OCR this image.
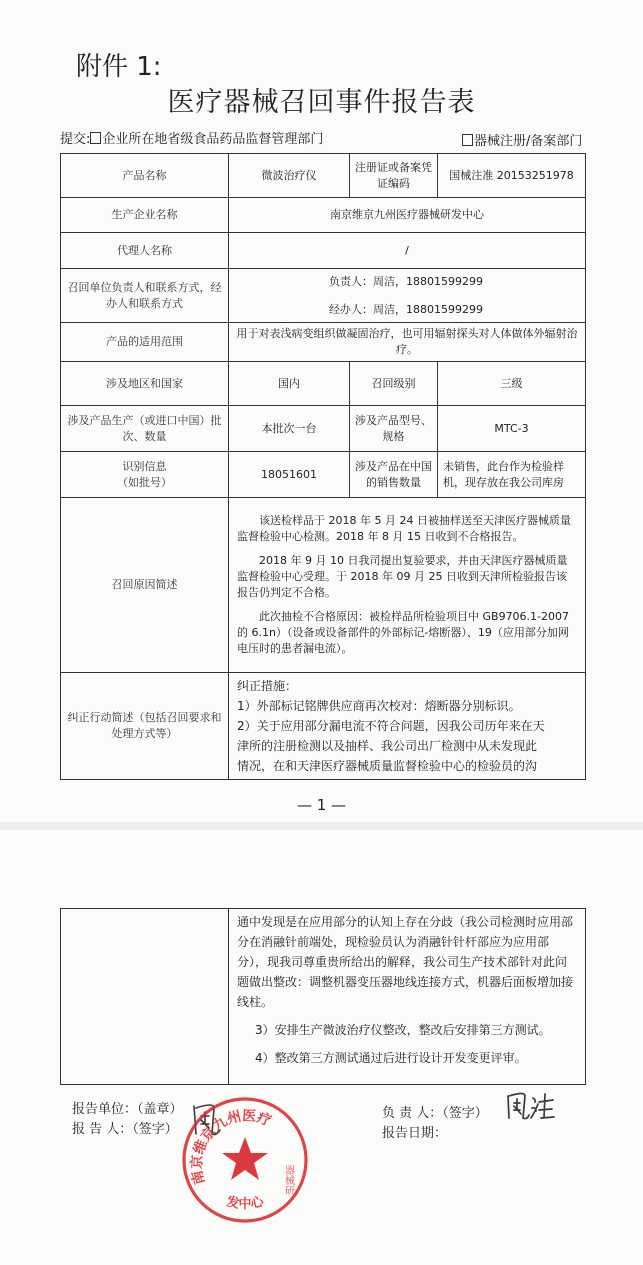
附件 1:
医疗器械召回事件报告表
提交: 企业所在地省级食品药品监督管理部门	器械注册/备案部门
产品名称	微波治疗仪	注册证或备案凭证编码	国械注准 20153251978
生产企业名称	南京维京九州医疗器械研发中心		
代理人名称	/		
召回单位负责人和联系方式，经办人和联系方式	负责人：周洁，18801599299
经办人：周洁，18801599299		

产品的适用范围	用于对表浅病变组织做凝固治疗，也可用辐射探头对人体做体外辐射治疗。		
涉及地区和国家	国内	召回级别	三级
涉及产品生产（或进口中国）批次、数量	本批次一台	涉及产品型号、规格	MTC-3

识别信息
（如批号）	18051601	涉及产品在中国的销售数量	未销售，此台作为检验样机，现存放在我公司库房
召回原因简述	该送检样品于 2018 年 5 月 24 日被抽样送至天津医疗器械质量监督检验中心检测。2018 年 8 月 15 日收到不合格报告。

2018 年 9 月 10 日我司提出复验要求，并由天津医疗器械质量监督检验中心受理。于 2018 年 09 月 25 日收到天津所检验报告该报告仍判定不合格。

此次抽检不合格原因：被检样品所检验项目中 GB9706.1-2007 的 6.1n）（设备或设备部件的外部标记-熔断器）、19（应用部分加网电压时的患者漏电流）。		

纠正行动简述（包括召回要求和处理方式等）	纠正措施：
1）外部标记铭牌供应商再次校对：熔断器分别标识。
2）关于应用部分漏电流不符合问题，因我公司历年来在天
津所的注册检测以及抽样、我公司出厂检测中从未发现此
情况，在和天津医疗器械质量监督检验中心的检验员的沟		
— 1 —

通中发现是在应用部分的认知上存在分歧（我公司检测时应用部分在消融针前端处，现检验员认为消融针针杆部应为应用部分），现我司尊重贵所给出的解释，我公司生产技术部针对此问题做出整改：调整机器变压器地线连接方式，机器后面板增加接线柱。
3）安排生产微波治疗仪整改，整改后安排第三方测试。
4）整改第三方测试通过后进行设计开发变更评审。
报告单位：（盖章）
报 告 人：（签字）
负 责 人：（签字）
报告日期：
南京维京九州医疗
器械研
发中心
